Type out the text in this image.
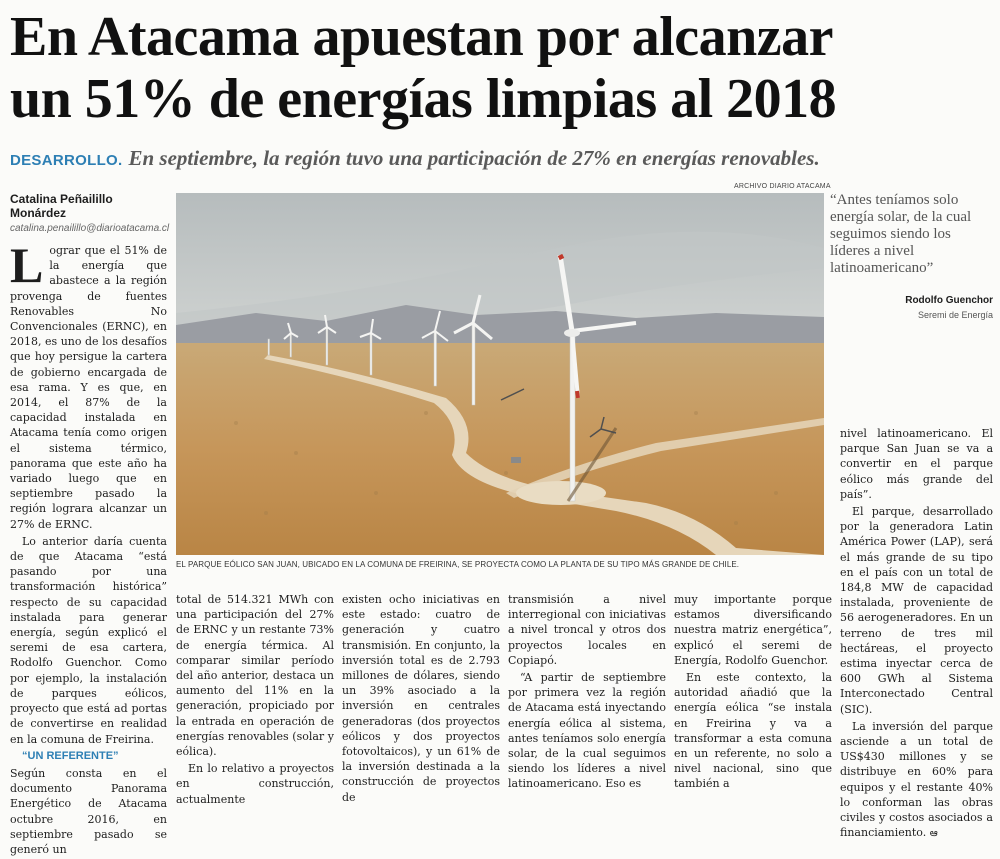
En Atacama apuestan por alcanzar
un 51% de energías limpias al 2018

DESARROLLO. En septiembre, la región tuvo una participación de 27% en energías renovables.

Catalina Peñailillo Monárdez
catalina.penailillo@diarioatacama.cl

Lograr que el 51% de la energía que abastece a la región provenga de fuentes Renovables No Convencionales (ERNC), en 2018, es uno de los desafíos que hoy persigue la cartera de gobierno encargada de esa rama. Y es que, en 2014, el 87% de la capacidad instalada en Atacama tenía como origen el sistema térmico, panorama que este año ha variado luego que en septiembre pasado la región lograra alcanzar un 27% de ERNC.

Lo anterior daría cuenta de que Atacama “está pasando por una transformación histórica” respecto de su capacidad instalada para generar energía, según explicó el seremi de esa cartera, Rodolfo Guenchor. Como por ejemplo, la instalación de parques eólicos, proyecto que está ad portas de convertirse en realidad en la comuna de Freirina.

“UN REFERENTE”

Según consta en el documento Panorama Energético de Atacama octubre 2016, en septiembre pasado se generó un

ARCHIVO DIARIO ATACAMA
EL PARQUE EÓLICO SAN JUAN, UBICADO EN LA COMUNA DE FREIRINA, SE PROYECTA COMO LA PLANTA DE SU TIPO MÁS GRANDE DE CHILE.
“Antes teníamos solo energía solar, de la cual seguimos siendo los líderes a nivel latinoamericano”
Rodolfo Guenchor
Seremi de Energía

total de 514.321 MWh con una participación del 27% de ERNC y un restante 73% de energía térmica. Al comparar similar período del año anterior, destaca un aumento del 11% en la generación, propiciado por la entrada en operación de energías renovables (solar y eólica).

En lo relativo a proyectos en construcción, actualmente

existen ocho iniciativas en este estado: cuatro de generación y cuatro transmisión. En conjunto, la inversión total es de 2.793 millones de dólares, siendo un 39% asociado a la inversión en centrales generadoras (dos proyectos eólicos y dos proyectos fotovoltaicos), y un 61% de la inversión destinada a la construcción de proyectos de

transmisión a nivel interregional con iniciativas a nivel troncal y otros dos proyectos locales en Copiapó.

“A partir de septiembre por primera vez la región de Atacama está inyectando energía eólica al sistema, antes teníamos solo energía solar, de la cual seguimos siendo los líderes a nivel latinoamericano. Eso es

muy importante porque estamos diversificando nuestra matriz energética”, explicó el seremi de Energía, Rodolfo Guenchor.

En este contexto, la autoridad añadió que la energía eólica “se instala en Freirina y va a transformar a esta comuna en un referente, no solo a nivel nacional, sino que también a

nivel latinoamericano. El parque San Juan se va a convertir en el parque eólico más grande del país”.

El parque, desarrollado por la generadora Latin América Power (LAP), será el más grande de su tipo en el país con un total de 184,8 MW de capacidad instalada, proveniente de 56 aerogeneradores. En un terreno de tres mil hectáreas, el proyecto estima inyectar cerca de 600 GWh al Sistema Interconectado Central (SIC).

La inversión del parque asciende a un total de US$430 millones y se distribuye en 60% para equipos y el restante 40% lo conforman las obras civiles y costos asociados a financiamiento. ఆ
